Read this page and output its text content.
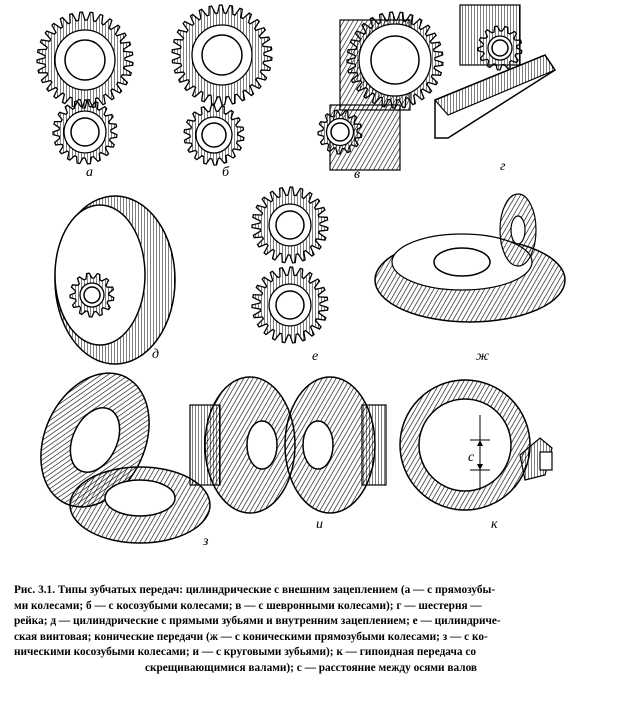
а	б	в
г
д	е	ж
з
и
с
к
Рис. 3.1. Типы зубчатых передач: цилиндрические с внешним зацеплением (а — с прямозубы-
ми колесами; б — с косозубыми колесами; в — с шевронными колесами); г — шестерня —
рейка; д — цилиндрические с прямыми зубьями и внутренним зацеплением; е — цилиндриче-
ская винтовая; конические передачи (ж — с коническими прямозубыми колесами; з — с ко-
ническими косозубыми колесами; и — с круговыми зубьями); к — гипоидная передача со
скрещивающимися валами); с — расстояние между осями валов
